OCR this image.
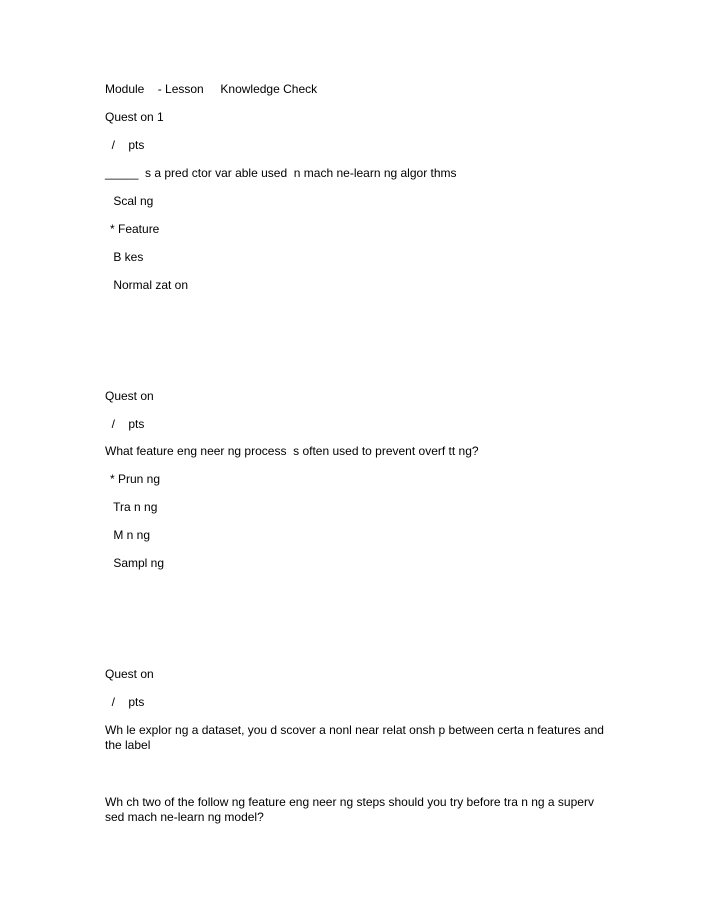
Module    - Lesson     Knowledge Check
Quest on 1
/    pts
_____  s a pred ctor var able used  n mach ne-learn ng algor thms
Scal ng
* Feature
B kes
Normal zat on
Quest on
/    pts
What feature eng neer ng process  s often used to prevent overf tt ng?
* Prun ng
Tra n ng
M n ng
Sampl ng
Quest on
/    pts
Wh le explor ng a dataset, you d scover a nonl near relat onsh p between certa n features and the label
Wh ch two of the follow ng feature eng neer ng steps should you try before tra n ng a superv sed mach ne-learn ng model?
